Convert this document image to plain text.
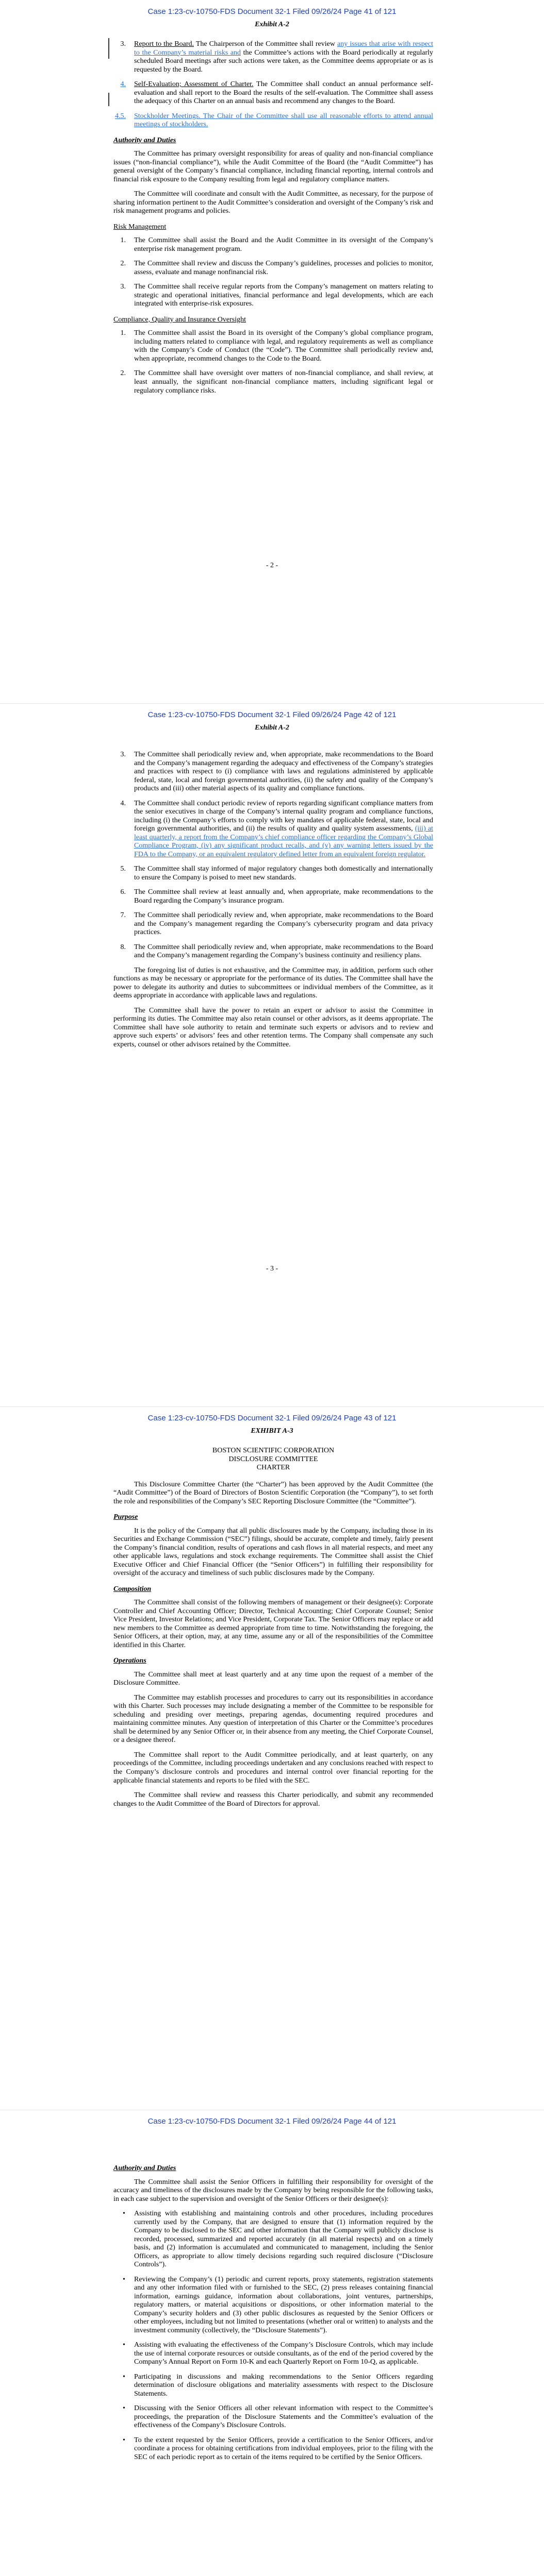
Case 1:23-cv-10750-FDS Document 32-1 Filed 09/26/24 Page 41 of 121
Exhibit A-2
3. Report to the Board. The Chairperson of the Committee shall review any issues that arise with respect to the Company’s material risks and the Committee’s actions with the Board periodically at regularly scheduled Board meetings after such actions were taken, as the Committee deems appropriate or as is requested by the Board.
4. Self-Evaluation; Assessment of Charter. The Committee shall conduct an annual performance self-evaluation and shall report to the Board the results of the self-evaluation. The Committee shall assess the adequacy of this Charter on an annual basis and recommend any changes to the Board.
4.5. Stockholder Meetings. The Chair of the Committee shall use all reasonable efforts to attend annual meetings of stockholders.
Authority and Duties

The Committee has primary oversight responsibility for areas of quality and non-financial compliance issues (“non-financial compliance”), while the Audit Committee of the Board (the “Audit Committee”) has general oversight of the Company’s financial compliance, including financial reporting, internal controls and financial risk exposure to the Company resulting from legal and regulatory compliance matters.

The Committee will coordinate and consult with the Audit Committee, as necessary, for the purpose of sharing information pertinent to the Audit Committee’s consideration and oversight of the Company’s risk and risk management programs and policies.

Risk Management
1. The Committee shall assist the Board and the Audit Committee in its oversight of the Company’s enterprise risk management program.
2. The Committee shall review and discuss the Company’s guidelines, processes and policies to monitor, assess, evaluate and manage nonfinancial risk.
3. The Committee shall receive regular reports from the Company’s management on matters relating to strategic and operational initiatives, financial performance and legal developments, which are each integrated with enterprise-risk exposures.
Compliance, Quality and Insurance Oversight
1. The Committee shall assist the Board in its oversight of the Company’s global compliance program, including matters related to compliance with legal, and regulatory requirements as well as compliance with the Company’s Code of Conduct (the “Code”). The Committee shall periodically review and, when appropriate, recommend changes to the Code to the Board.
2. The Committee shall have oversight over matters of non-financial compliance, and shall review, at least annually, the significant non-financial compliance matters, including significant legal or regulatory compliance risks.
- 2 -
Case 1:23-cv-10750-FDS Document 32-1 Filed 09/26/24 Page 42 of 121
Exhibit A-2
3. The Committee shall periodically review and, when appropriate, make recommendations to the Board and the Company’s management regarding the adequacy and effectiveness of the Company’s strategies and practices with respect to (i) compliance with laws and regulations administered by applicable federal, state, local and foreign governmental authorities, (ii) the safety and quality of the Company’s products and (iii) other material aspects of its quality and compliance functions.
4. The Committee shall conduct periodic review of reports regarding significant compliance matters from the senior executives in charge of the Company’s internal quality program and compliance functions, including (i) the Company’s efforts to comply with key mandates of applicable federal, state, local and foreign governmental authorities, and (ii) the results of quality and quality system assessments, (iii) at least quarterly, a report from the Company’s chief compliance officer regarding the Company’s Global Compliance Program, (iv) any significant product recalls, and (v) any warning letters issued by the FDA to the Company, or an equivalent regulatory defined letter from an equivalent foreign regulator.
5. The Committee shall stay informed of major regulatory changes both domestically and internationally to ensure the Company is poised to meet new standards.
6. The Committee shall review at least annually and, when appropriate, make recommendations to the Board regarding the Company’s insurance program.
7. The Committee shall periodically review and, when appropriate, make recommendations to the Board and the Company’s management regarding the Company’s cybersecurity program and data privacy practices.
8. The Committee shall periodically review and, when appropriate, make recommendations to the Board and the Company’s management regarding the Company’s business continuity and resiliency plans.

The foregoing list of duties is not exhaustive, and the Committee may, in addition, perform such other functions as may be necessary or appropriate for the performance of its duties. The Committee shall have the power to delegate its authority and duties to subcommittees or individual members of the Committee, as it deems appropriate in accordance with applicable laws and regulations.

The Committee shall have the power to retain an expert or advisor to assist the Committee in performing its duties. The Committee may also retain counsel or other advisors, as it deems appropriate. The Committee shall have sole authority to retain and terminate such experts or advisors and to review and approve such experts’ or advisors’ fees and other retention terms. The Company shall compensate any such experts, counsel or other advisors retained by the Committee.

- 3 -
Case 1:23-cv-10750-FDS Document 32-1 Filed 09/26/24 Page 43 of 121
EXHIBIT A-3

BOSTON SCIENTIFIC CORPORATION

DISCLOSURE COMMITTEE

CHARTER

This Disclosure Committee Charter (the “Charter”) has been approved by the Audit Committee (the “Audit Committee”) of the Board of Directors of Boston Scientific Corporation (the “Company”), to set forth the role and responsibilities of the Company’s SEC Reporting Disclosure Committee (the “Committee”).

Purpose

It is the policy of the Company that all public disclosures made by the Company, including those in its Securities and Exchange Commission (“SEC”) filings, should be accurate, complete and timely, fairly present the Company’s financial condition, results of operations and cash flows in all material respects, and meet any other applicable laws, regulations and stock exchange requirements. The Committee shall assist the Chief Executive Officer and Chief Financial Officer (the “Senior Officers”) in fulfilling their responsibility for oversight of the accuracy and timeliness of such public disclosures made by the Company.

Composition

The Committee shall consist of the following members of management or their designee(s): Corporate Controller and Chief Accounting Officer; Director, Technical Accounting; Chief Corporate Counsel; Senior Vice President, Investor Relations; and Vice President, Corporate Tax. The Senior Officers may replace or add new members to the Committee as deemed appropriate from time to time. Notwithstanding the foregoing, the Senior Officers, at their option, may, at any time, assume any or all of the responsibilities of the Committee identified in this Charter.

Operations

The Committee shall meet at least quarterly and at any time upon the request of a member of the Disclosure Committee.

The Committee may establish processes and procedures to carry out its responsibilities in accordance with this Charter. Such processes may include designating a member of the Committee to be responsible for scheduling and presiding over meetings, preparing agendas, documenting required procedures and maintaining committee minutes. Any question of interpretation of this Charter or the Committee’s procedures shall be determined by any Senior Officer or, in their absence from any meeting, the Chief Corporate Counsel, or a designee thereof.

The Committee shall report to the Audit Committee periodically, and at least quarterly, on any proceedings of the Committee, including proceedings undertaken and any conclusions reached with respect to the Company’s disclosure controls and procedures and internal control over financial reporting for the applicable financial statements and reports to be filed with the SEC.

The Committee shall review and reassess this Charter periodically, and submit any recommended changes to the Audit Committee of the Board of Directors for approval.

Case 1:23-cv-10750-FDS Document 32-1 Filed 09/26/24 Page 44 of 121
Authority and Duties

The Committee shall assist the Senior Officers in fulfilling their responsibility for oversight of the accuracy and timeliness of the disclosures made by the Company by being responsible for the following tasks, in each case subject to the supervision and oversight of the Senior Officers or their designee(s):

• Assisting with establishing and maintaining controls and other procedures, including procedures currently used by the Company, that are designed to ensure that (1) information required by the Company to be disclosed to the SEC and other information that the Company will publicly disclose is recorded, processed, summarized and reported accurately (in all material respects) and on a timely basis, and (2) information is accumulated and communicated to management, including the Senior Officers, as appropriate to allow timely decisions regarding such required disclosure (“Disclosure Controls”).
• Reviewing the Company’s (1) periodic and current reports, proxy statements, registration statements and any other information filed with or furnished to the SEC, (2) press releases containing financial information, earnings guidance, information about collaborations, joint ventures, partnerships, regulatory matters, or material acquisitions or dispositions, or other information material to the Company’s security holders and (3) other public disclosures as requested by the Senior Officers or other employees, including but not limited to presentations (whether oral or written) to analysts and the investment community (collectively, the “Disclosure Statements”).
• Assisting with evaluating the effectiveness of the Company’s Disclosure Controls, which may include the use of internal corporate resources or outside consultants, as of the end of the period covered by the Company’s Annual Report on Form 10-K and each Quarterly Report on Form 10-Q, as applicable.
• Participating in discussions and making recommendations to the Senior Officers regarding determination of disclosure obligations and materiality assessments with respect to the Disclosure Statements.
• Discussing with the Senior Officers all other relevant information with respect to the Committee’s proceedings, the preparation of the Disclosure Statements and the Committee’s evaluation of the effectiveness of the Company’s Disclosure Controls.
• To the extent requested by the Senior Officers, provide a certification to the Senior Officers, and/or coordinate a process for obtaining certifications from individual employees, prior to the filing with the SEC of each periodic report as to certain of the items required to be certified by the Senior Officers.
